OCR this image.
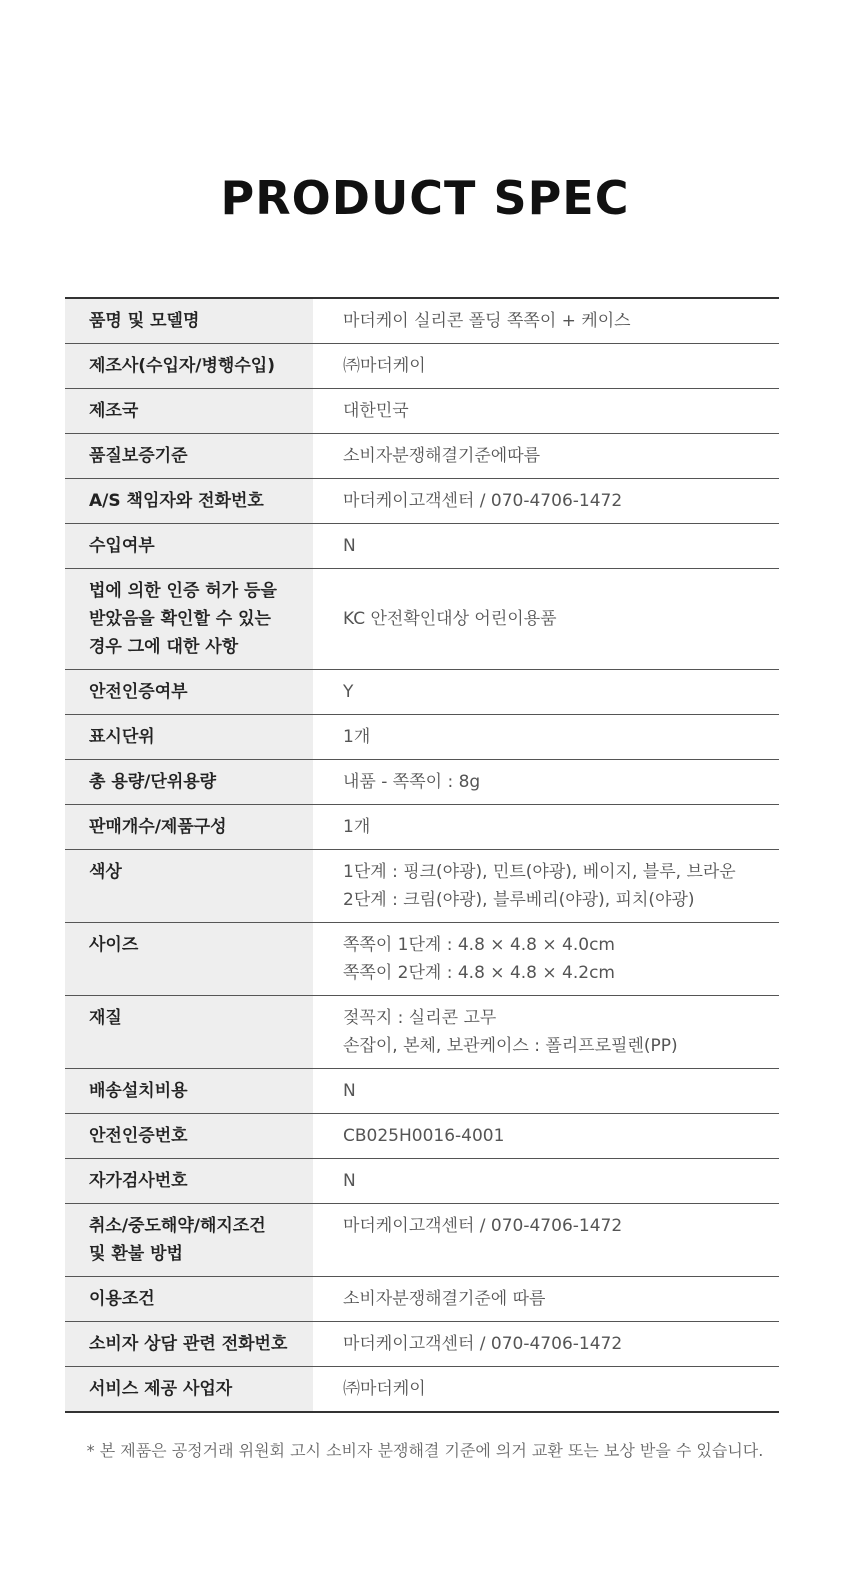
PRODUCT SPEC
품명 및 모델명	마더케이 실리콘 폴딩 쪽쪽이 + 케이스

제조사(수입자/병행수입)	㈜마더케이

제조국	대한민국

품질보증기준	소비자분쟁해결기준에따름

A/S 책임자와 전화번호	마더케이고객센터 / 070-4706-1472

수입여부	N

법에 의한 인증 허가 등을
받았음을 확인할 수 있는
경우 그에 대한 사항	KC 안전확인대상 어린이용품

안전인증여부	Y

표시단위	1개

총 용량/단위용량	내품 - 쪽쪽이 : 8g

판매개수/제품구성	1개

색상	1단계 : 핑크(야광), 민트(야광), 베이지, 블루, 브라운
2단계 : 크림(야광), 블루베리(야광), 피치(야광)

사이즈	쪽쪽이 1단계 : 4.8 × 4.8 × 4.0cm
쪽쪽이 2단계 : 4.8 × 4.8 × 4.2cm

재질	젖꼭지 : 실리콘 고무
손잡이, 본체, 보관케이스 : 폴리프로필렌(PP)

배송설치비용	N

안전인증번호	CB025H0016-4001

자가검사번호	N

취소/중도해약/해지조건
및 환불 방법	마더케이고객센터 / 070-4706-1472

이용조건	소비자분쟁해결기준에 따름

소비자 상담 관련 전화번호	마더케이고객센터 / 070-4706-1472

서비스 제공 사업자	㈜마더케이

* 본 제품은 공정거래 위원회 고시 소비자 분쟁해결 기준에 의거 교환 또는 보상 받을 수 있습니다.
